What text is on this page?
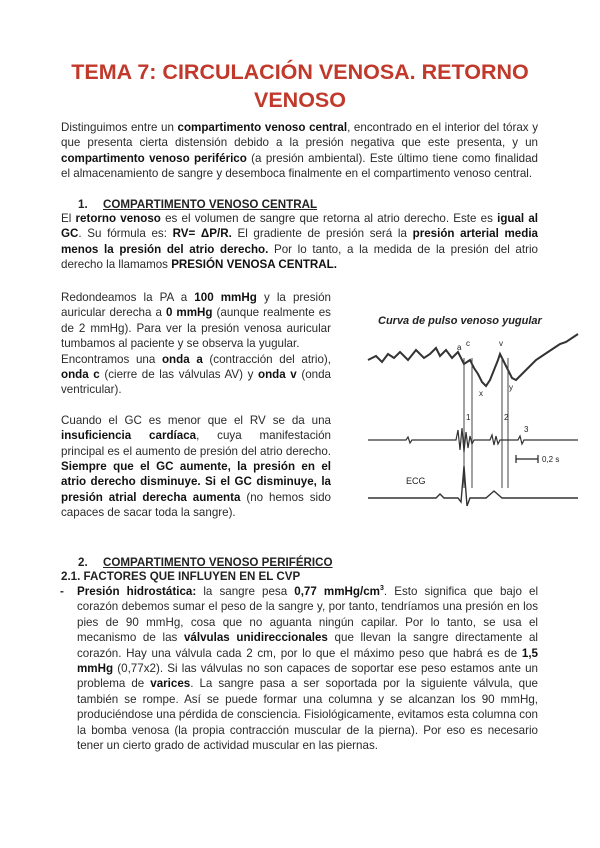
TEMA 7: CIRCULACIÓN VENOSA. RETORNO
VENOSO
Distinguimos entre un compartimento venoso central, encontrado en el interior del tórax y que presenta cierta distensión debido a la presión negativa que este presenta, y un compartimento venoso periférico (a presión ambiental). Este último tiene como finalidad el almacenamiento de sangre y desemboca finalmente en el compartimento venoso central.
1. COMPARTIMENTO VENOSO CENTRAL
El retorno venoso es el volumen de sangre que retorna al atrio derecho. Este es igual al GC. Su fórmula es: RV= ΔP/R. El gradiente de presión será la presión arterial media menos la presión del atrio derecho. Por lo tanto, a la medida de la presión del atrio derecho la llamamos PRESIÓN VENOSA CENTRAL.

Redondeamos la PA a 100 mmHg y la presión auricular derecha a 0 mmHg (aunque realmente es de 2 mmHg). Para ver la presión venosa auricular tumbamos al paciente y se observa la yugular.

Encontramos una onda a (contracción del atrio), onda c (cierre de las válvulas AV) y onda v (onda ventricular).

Cuando el GC es menor que el RV se da una insuficiencia cardíaca, cuya manifestación principal es el aumento de presión del atrio derecho. Siempre que el GC aumente, la presión en el atrio derecho disminuye. Si el GC disminuye, la presión atrial derecha aumenta (no hemos sido capaces de sacar toda la sangre).

Curva de pulso venoso yugular
a c	v
x
y
1	2
3
0,2 s
ECG
2. COMPARTIMENTO VENOSO PERIFÉRICO
2.1. FACTORES QUE INFLUYEN EN EL CVP
- Presión hidrostática: la sangre pesa 0,77 mmHg/$cm^3$. Esto significa que bajo el corazón debemos sumar el peso de la sangre y, por tanto, tendríamos una presión en los pies de 90 mmHg, cosa que no aguanta ningún capilar. Por lo tanto, se usa el mecanismo de las válvulas unidireccionales que llevan la sangre directamente al corazón. Hay una válvula cada 2 cm, por lo que el máximo peso que habrá es de 1,5 mmHg (0,77x2). Si las válvulas no son capaces de soportar ese peso estamos ante un problema de varices. La sangre pasa a ser soportada por la siguiente válvula, que también se rompe. Así se puede formar una columna y se alcanzan los 90 mmHg, produciéndose una pérdida de consciencia. Fisiológicamente, evitamos esta columna con la bomba venosa (la propia contracción muscular de la pierna). Por eso es necesario tener un cierto grado de actividad muscular en las piernas.
